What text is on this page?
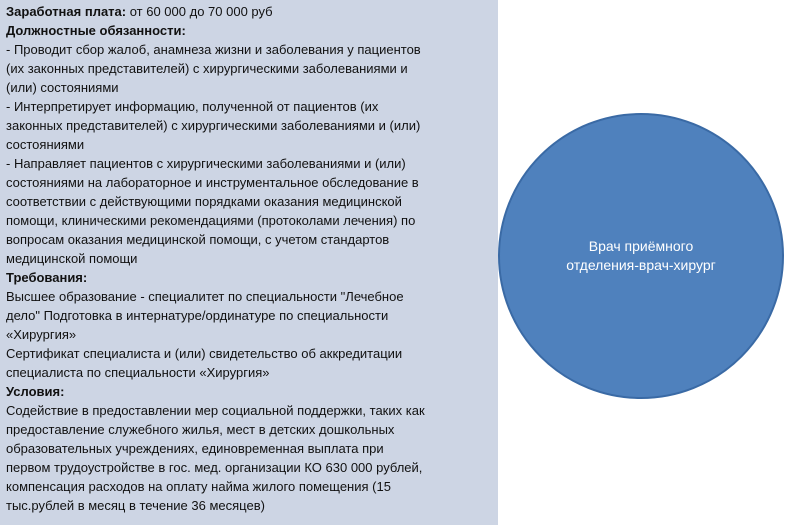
Заработная плата: от 60 000 до 70 000 руб
Должностные обязанности:
- Проводит сбор жалоб, анамнеза жизни и заболевания у пациентов
(их законных представителей) с хирургическими заболеваниями и
(или) состояниями
- Интерпретирует информацию, полученной от пациентов (их
законных представителей) с хирургическими заболеваниями и (или)
состояниями
- Направляет пациентов с хирургическими заболеваниями и (или)
состояниями на лабораторное и инструментальное обследование в
соответствии с действующими порядками оказания медицинской
помощи, клиническими рекомендациями (протоколами лечения) по
вопросам оказания медицинской помощи, с учетом стандартов
медицинской помощи
Требования:
Высшее образование - специалитет по специальности "Лечебное
дело" Подготовка в интернатуре/ординатуре по специальности
«Хирургия»
Сертификат специалиста и (или) свидетельство об аккредитации
специалиста по специальности «Хирургия»
Условия:
Содействие в предоставлении мер социальной поддержки, таких как
предоставление служебного жилья, мест в детских дошкольных
образовательных учреждениях, единовременная выплата при
первом трудоустройстве в гос. мед. организации КО 630 000 рублей,
компенсация расходов на оплату найма жилого помещения (15
тыс.рублей в месяц в течение 36 месяцев)
Врач приёмного
отделения-врач-хирург
